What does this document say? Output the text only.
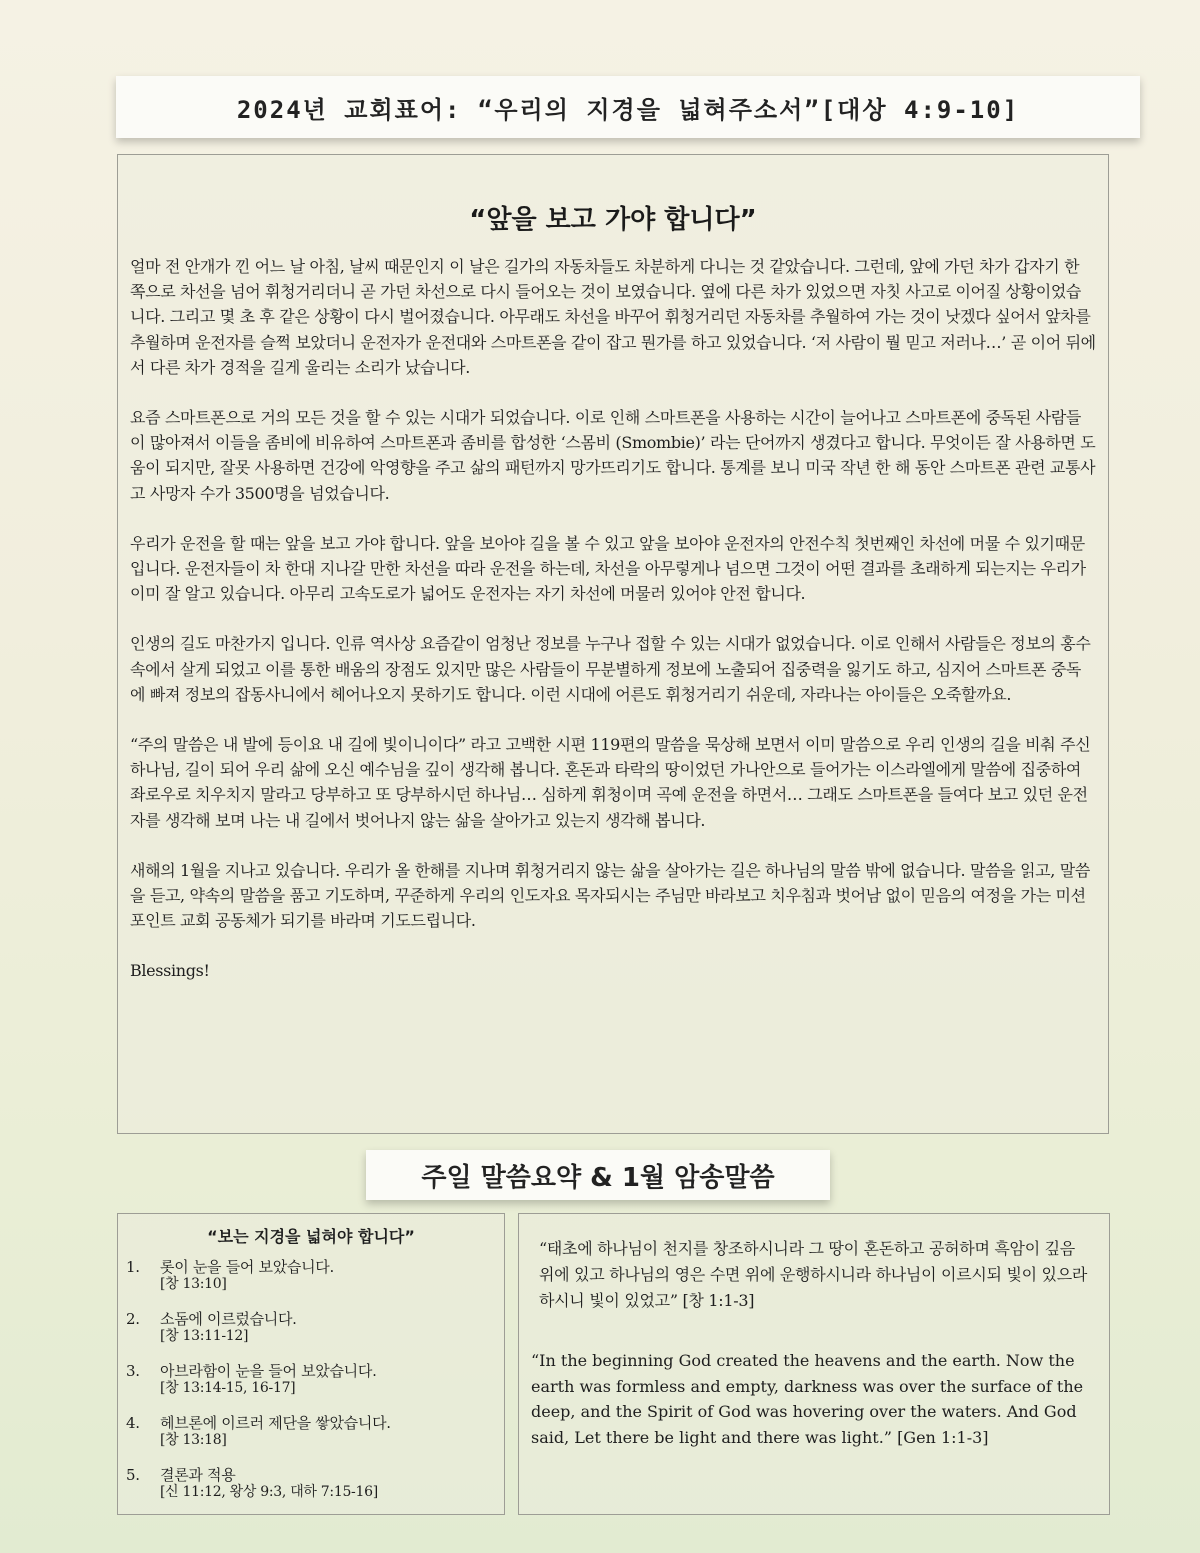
2024년 교회표어: “우리의 지경을 넓혀주소서”[대상 4:9-10]
“앞을 보고 가야 합니다”

얼마 전 안개가 낀 어느 날 아침, 날씨 때문인지 이 날은 길가의 자동차들도 차분하게 다니는 것 같았습니다. 그런데, 앞에 가던 차가 갑자기 한 쪽으로 차선을 넘어 휘청거리더니 곧 가던 차선으로 다시 들어오는 것이 보였습니다. 옆에 다른 차가 있었으면 자칫 사고로 이어질 상황이었습니다. 그리고 몇 초 후 같은 상황이 다시 벌어졌습니다. 아무래도 차선을 바꾸어 휘청거리던 자동차를 추월하여 가는 것이 낫겠다 싶어서 앞차를 추월하며 운전자를 슬쩍 보았더니 운전자가 운전대와 스마트폰을 같이 잡고 뭔가를 하고 있었습니다. ‘저 사람이 뭘 믿고 저러나…’ 곧 이어 뒤에서 다른 차가 경적을 길게 울리는 소리가 났습니다.

요즘 스마트폰으로 거의 모든 것을 할 수 있는 시대가 되었습니다. 이로 인해 스마트폰을 사용하는 시간이 늘어나고 스마트폰에 중독된 사람들이 많아져서 이들을 좀비에 비유하여 스마트폰과 좀비를 합성한 ‘스몸비 (Smombie)’ 라는 단어까지 생겼다고 합니다. 무엇이든 잘 사용하면 도움이 되지만, 잘못 사용하면 건강에 악영향을 주고 삶의 패턴까지 망가뜨리기도 합니다. 통계를 보니 미국 작년 한 해 동안 스마트폰 관련 교통사고 사망자 수가 3500명을 넘었습니다.

우리가 운전을 할 때는 앞을 보고 가야 합니다. 앞을 보아야 길을 볼 수 있고 앞을 보아야 운전자의 안전수칙 첫번째인 차선에 머물 수 있기때문 입니다. 운전자들이 차 한대 지나갈 만한 차선을 따라 운전을 하는데, 차선을 아무렇게나 넘으면 그것이 어떤 결과를 초래하게 되는지는 우리가 이미 잘 알고 있습니다. 아무리 고속도로가 넓어도 운전자는 자기 차선에 머물러 있어야 안전 합니다.

인생의 길도 마찬가지 입니다. 인류 역사상 요즘같이 엄청난 정보를 누구나 접할 수 있는 시대가 없었습니다. 이로 인해서 사람들은 정보의 홍수 속에서 살게 되었고 이를 통한 배움의 장점도 있지만 많은 사람들이 무분별하게 정보에 노출되어 집중력을 잃기도 하고, 심지어 스마트폰 중독에 빠져 정보의 잡동사니에서 헤어나오지 못하기도 합니다. 이런 시대에 어른도 휘청거리기 쉬운데, 자라나는 아이들은 오죽할까요.

“주의 말씀은 내 발에 등이요 내 길에 빛이니이다” 라고 고백한 시편 119편의 말씀을 묵상해 보면서 이미 말씀으로 우리 인생의 길을 비춰 주신 하나님, 길이 되어 우리 삶에 오신 예수님을 깊이 생각해 봅니다. 혼돈과 타락의 땅이었던 가나안으로 들어가는 이스라엘에게 말씀에 집중하여 좌로우로 치우치지 말라고 당부하고 또 당부하시던 하나님… 심하게 휘청이며 곡예 운전을 하면서… 그래도 스마트폰을 들여다 보고 있던 운전자를 생각해 보며 나는 내 길에서 벗어나지 않는 삶을 살아가고 있는지 생각해 봅니다.

새해의 1월을 지나고 있습니다. 우리가 올 한해를 지나며 휘청거리지 않는 삶을 살아가는 길은 하나님의 말씀 밖에 없습니다. 말씀을 읽고, 말씀을 듣고, 약속의 말씀을 품고 기도하며, 꾸준하게 우리의 인도자요 목자되시는 주님만 바라보고 치우침과 벗어남 없이 믿음의 여정을 가는 미션포인트 교회 공동체가 되기를 바라며 기도드립니다.

Blessings!

주일 말씀요약 & 1월 암송말씀
“보는 지경을 넓혀야 합니다”
1.	롯이 눈을 들어 보았습니다.
[창 13:10]
2.	소돔에 이르렀습니다.
[창 13:11-12]
3.	아브라함이 눈을 들어 보았습니다.
[창 13:14-15, 16-17]
4.	헤브론에 이르러 제단을 쌓았습니다.
[창 13:18]
5.	결론과 적용
[신 11:12, 왕상 9:3, 대하 7:15-16]
“태초에 하나님이 천지를 창조하시니라 그 땅이 혼돈하고 공허하며 흑암이 깊음 위에 있고 하나님의 영은 수면 위에 운행하시니라 하나님이 이르시되 빛이 있으라 하시니 빛이 있었고” [창 1:1-3]
“In the beginning God created the heavens and the earth. Now the earth was formless and empty, darkness was over the surface of the deep, and the Spirit of God was hovering over the waters. And God said, Let there be light and there was light.” [Gen 1:1-3]
